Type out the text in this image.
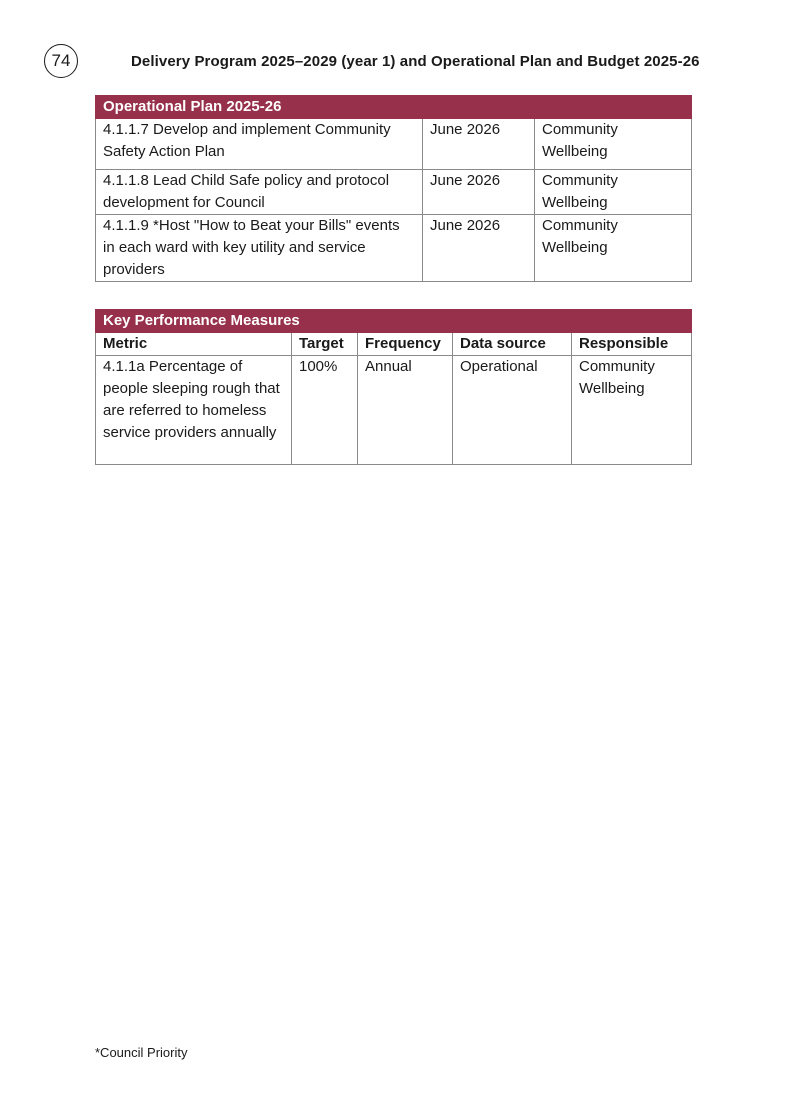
74	Delivery Program 2025–2029 (year 1) and Operational Plan and Budget 2025-26
Operational Plan 2025-26		
4.1.1.7 Develop and implement Community Safety Action Plan	June 2026	Community Wellbeing
4.1.1.8 Lead Child Safe policy and protocol development for Council	June 2026	Community Wellbeing
4.1.1.9 *Host "How to Beat your Bills" events in each ward with key utility and service providers	June 2026	Community Wellbeing
Key Performance Measures				
Metric	Target	Frequency	Data source	Responsible
4.1.1a Percentage of people sleeping rough that are referred to homeless service providers annually	100%	Annual	Operational	Community Wellbeing
*Council Priority
